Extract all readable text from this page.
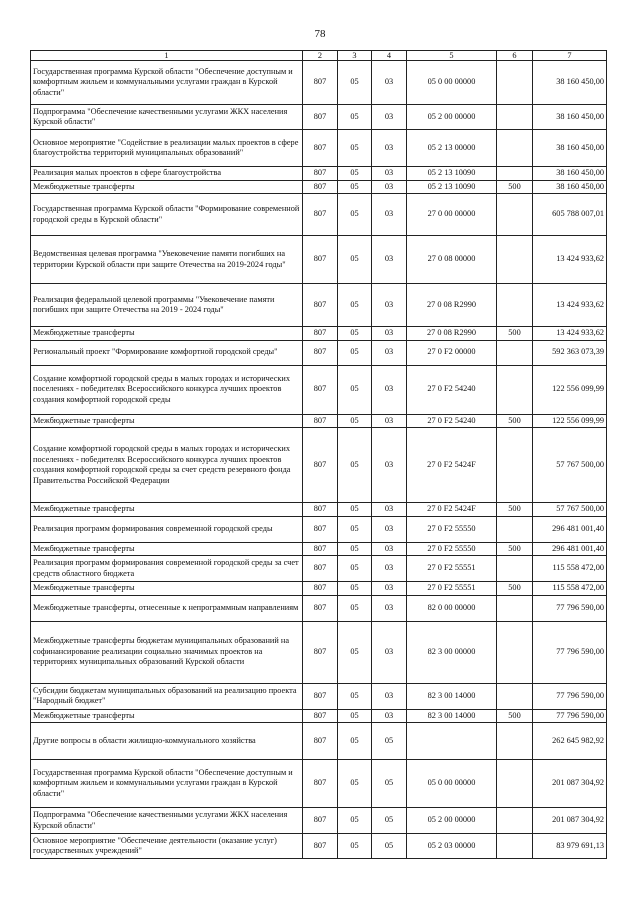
78
1	2	3	4	5	6	7
Государственная программа Курской области "Обеспечение доступным и комфортным жильем и коммунальными услугами граждан в Курской области"	807	05	03	05 0 00 00000		38 160 450,00
Подпрограмма "Обеспечение качественными услугами ЖКХ населения Курской области"	807	05	03	05 2 00 00000		38 160 450,00
Основное мероприятие "Содействие в реализации малых проектов в сфере благоустройства территорий муниципальных образований"	807	05	03	05 2 13 00000		38 160 450,00
Реализация малых проектов в сфере благоустройства	807	05	03	05 2 13 10090		38 160 450,00
Межбюджетные трансферты	807	05	03	05 2 13 10090	500	38 160 450,00
Государственная программа Курской области "Формирование современной городской среды в Курской области"	807	05	03	27 0 00 00000		605 788 007,01
Ведомственная целевая программа "Увековечение памяти погибших на территории Курской области при защите Отечества на 2019-2024 годы"	807	05	03	27 0 08 00000		13 424 933,62
Реализация федеральной целевой программы "Увековечение памяти погибших при защите Отечества на 2019 - 2024 годы"	807	05	03	27 0 08 R2990		13 424 933,62
Межбюджетные трансферты	807	05	03	27 0 08 R2990	500	13 424 933,62
Региональный проект "Формирование комфортной городской среды"	807	05	03	27 0 F2 00000		592 363 073,39
Создание комфортной городской среды в малых городах и исторических поселениях - победителях Всероссийского конкурса лучших проектов создания комфортной городской среды	807	05	03	27 0 F2 54240		122 556 099,99
Межбюджетные трансферты	807	05	03	27 0 F2 54240	500	122 556 099,99
Создание комфортной городской среды в малых городах и исторических поселениях - победителях Всероссийского конкурса лучших проектов создания комфортной городской среды за счет средств резервного фонда Правительства Российской Федерации	807	05	03	27 0 F2 5424F		57 767 500,00
Межбюджетные трансферты	807	05	03	27 0 F2 5424F	500	57 767 500,00
Реализация программ формирования современной городской среды	807	05	03	27 0 F2 55550		296 481 001,40
Межбюджетные трансферты	807	05	03	27 0 F2 55550	500	296 481 001,40
Реализация программ формирования современной городской среды за счет средств областного бюджета	807	05	03	27 0 F2 55551		115 558 472,00
Межбюджетные трансферты	807	05	03	27 0 F2 55551	500	115 558 472,00
Межбюджетные трансферты, отнесенные к непрограммным направлениям	807	05	03	82 0 00 00000		77 796 590,00
Межбюджетные трансферты бюджетам муниципальных образований на софинансирование реализации социально значимых проектов на территориях муниципальных образований Курской области	807	05	03	82 3 00 00000		77 796 590,00
Субсидии бюджетам муниципальных образований на реализацию проекта "Народный бюджет"	807	05	03	82 3 00 14000		77 796 590,00
Межбюджетные трансферты	807	05	03	82 3 00 14000	500	77 796 590,00
Другие вопросы в области жилищно-коммунального хозяйства	807	05	05			262 645 982,92
Государственная программа Курской области "Обеспечение доступным и комфортным жильем и коммунальными услугами граждан в Курской области"	807	05	05	05 0 00 00000		201 087 304,92
Подпрограмма "Обеспечение качественными услугами ЖКХ населения Курской области"	807	05	05	05 2 00 00000		201 087 304,92
Основное мероприятие "Обеспечение деятельности (оказание услуг) государственных учреждений"	807	05	05	05 2 03 00000		83 979 691,13
